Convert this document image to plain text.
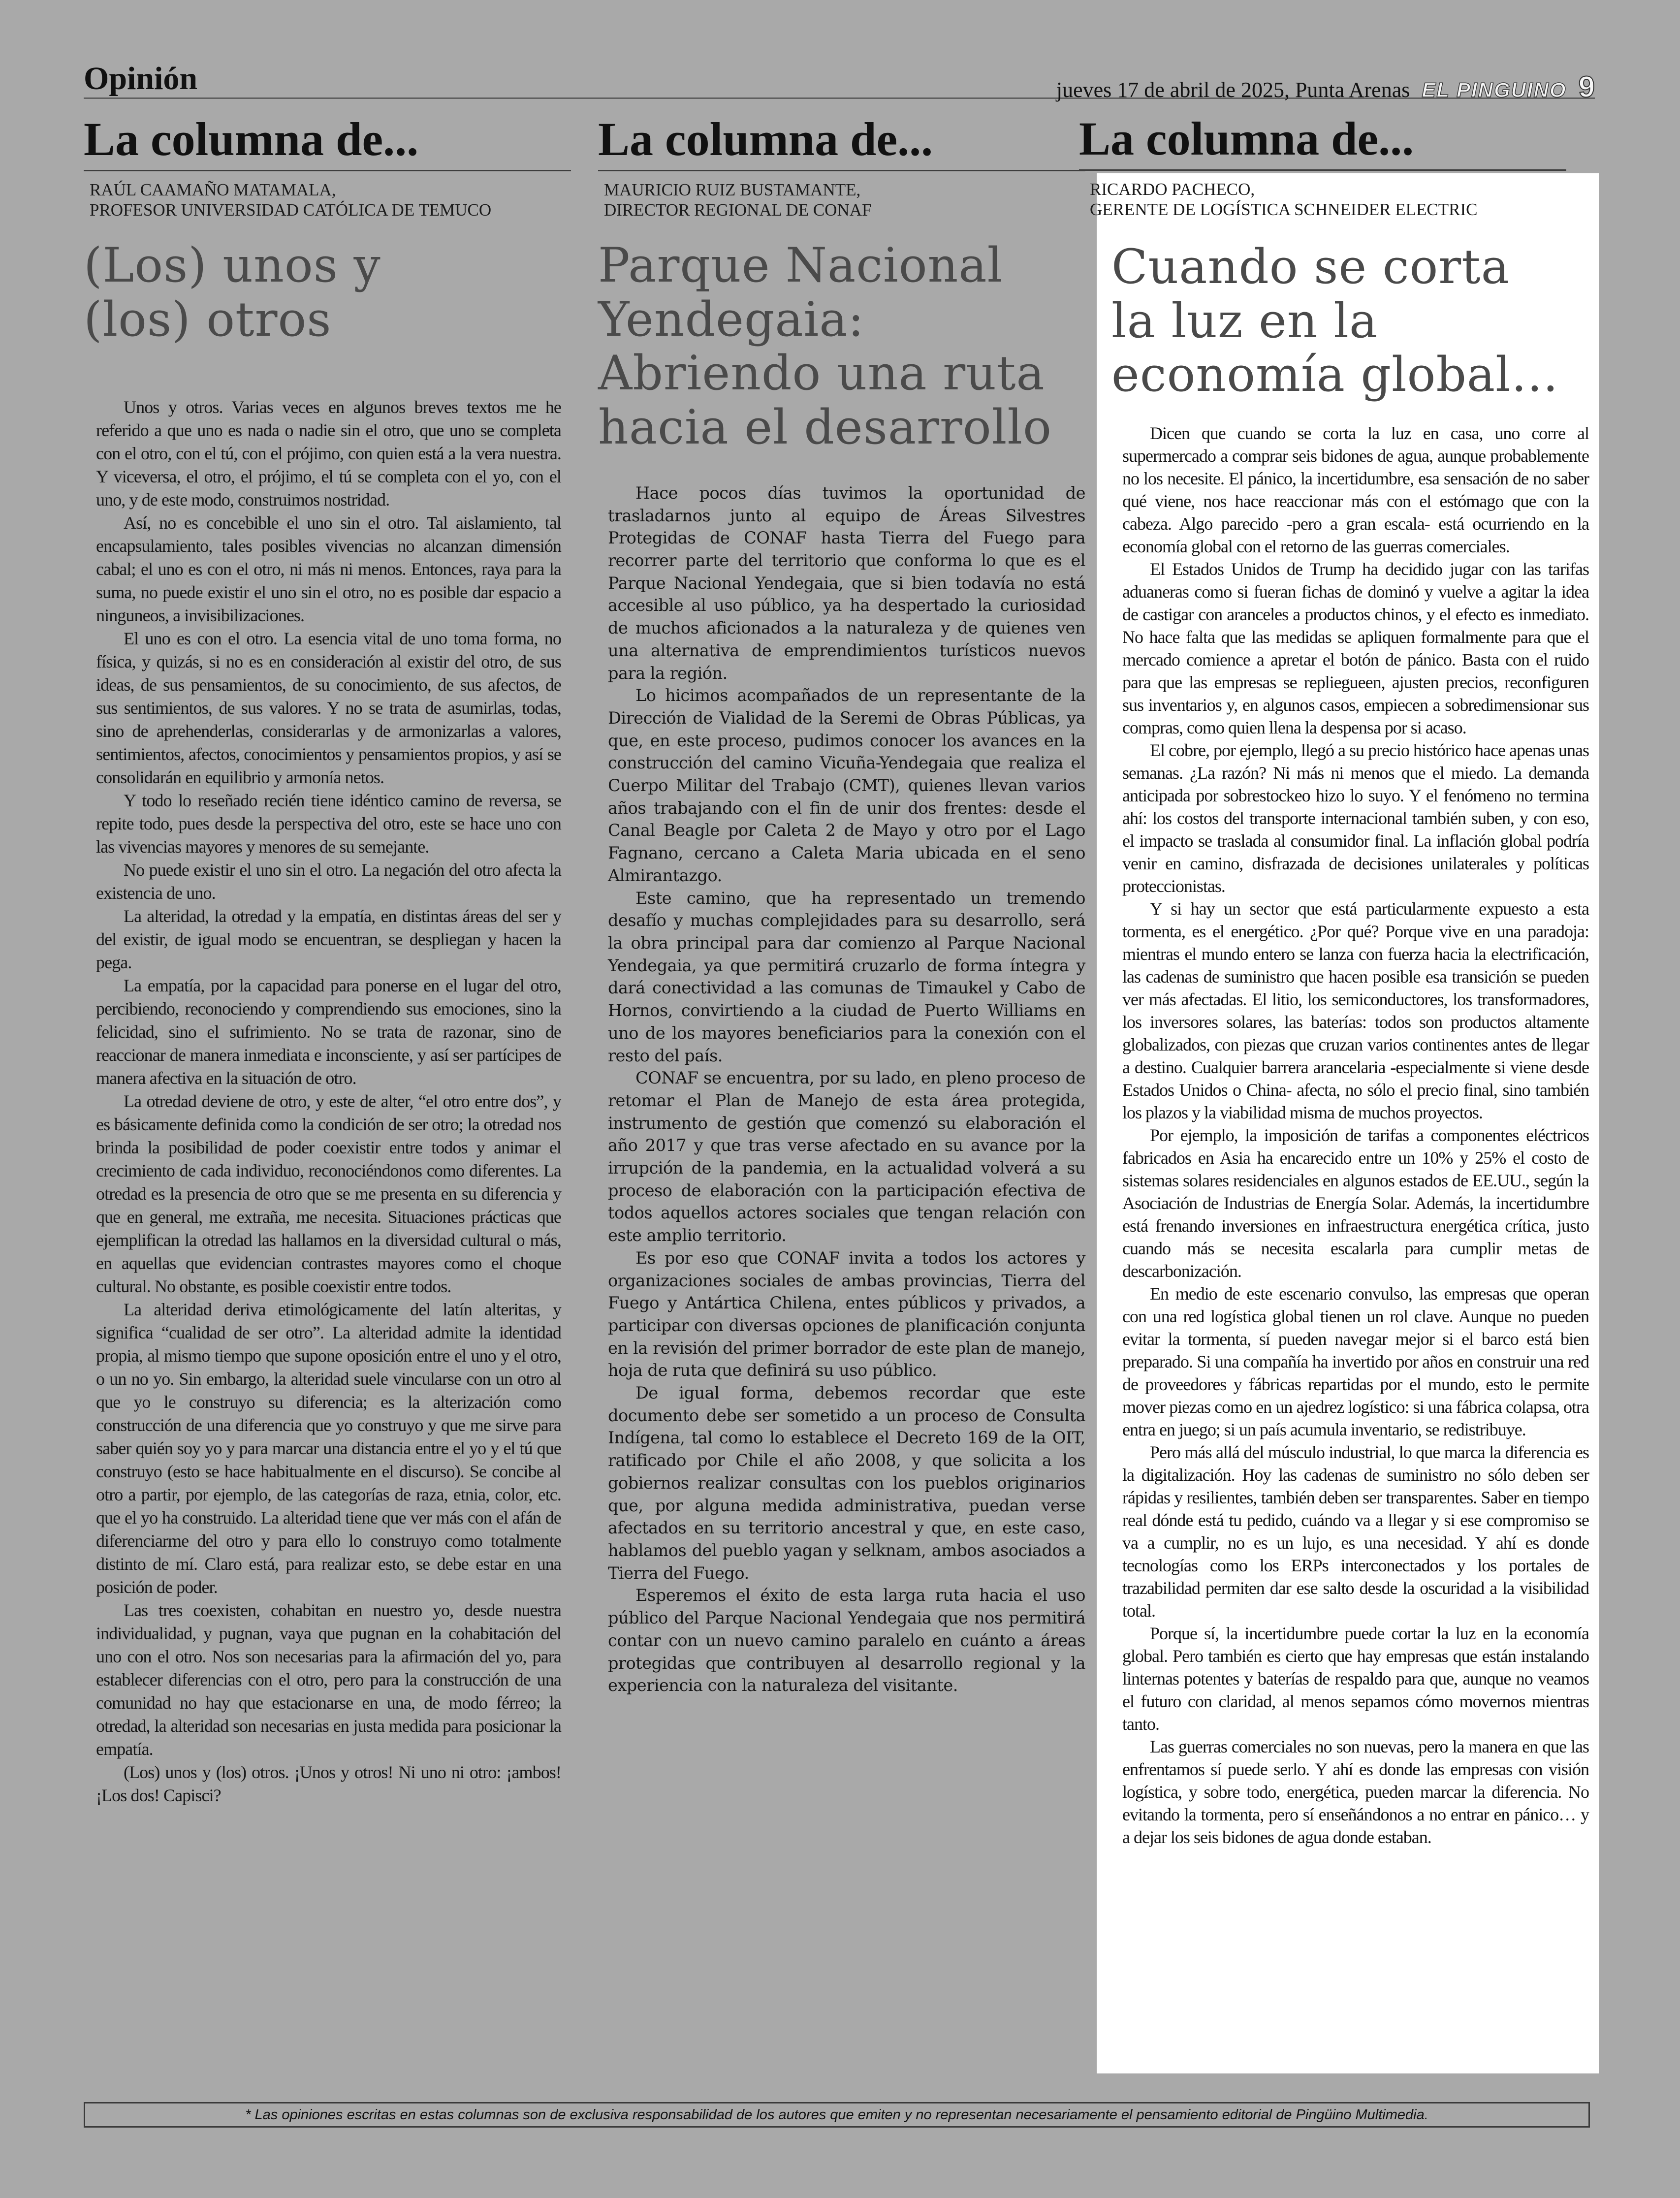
Opinión	jueves 17 de abril de 2025, Punta Arenas EL PINGUINO 9
La columna de...
RAÚL CAAMAÑO MATAMALA,
PROFESOR UNIVERSIDAD CATÓLICA DE TEMUCO
(Los) unos y
(los) otros

Unos y otros. Varias veces en algunos breves textos me he referido a que uno es nada o nadie sin el otro, que uno se completa con el otro, con el tú, con el prójimo, con quien está a la vera nuestra. Y viceversa, el otro, el prójimo, el tú se completa con el yo, con el uno, y de este modo, construimos nostridad.

Así, no es concebible el uno sin el otro. Tal aislamiento, tal encapsulamiento, tales posibles vivencias no alcanzan dimensión cabal; el uno es con el otro, ni más ni menos. Entonces, raya para la suma, no puede existir el uno sin el otro, no es posible dar espacio a ninguneos, a invisibilizaciones.

El uno es con el otro. La esencia vital de uno toma forma, no física, y quizás, si no es en consideración al existir del otro, de sus ideas, de sus pensamientos, de su conocimiento, de sus afectos, de sus sentimientos, de sus valores. Y no se trata de asumirlas, todas, sino de aprehenderlas, considerarlas y de armonizarlas a valores, sentimientos, afectos, conocimientos y pensamientos propios, y así se consolidarán en equilibrio y armonía netos.

Y todo lo reseñado recién tiene idéntico camino de reversa, se repite todo, pues desde la perspectiva del otro, este se hace uno con las vivencias mayores y menores de su semejante.

No puede existir el uno sin el otro. La negación del otro afecta la existencia de uno.

La alteridad, la otredad y la empatía, en distintas áreas del ser y del existir, de igual modo se encuentran, se despliegan y hacen la pega.

La empatía, por la capacidad para ponerse en el lugar del otro, percibiendo, reconociendo y comprendiendo sus emociones, sino la felicidad, sino el sufrimiento. No se trata de razonar, sino de reaccionar de manera inmediata e inconsciente, y así ser partícipes de manera afectiva en la situación de otro.

La otredad deviene de otro, y este de alter, “el otro entre dos”, y es básicamente definida como la condición de ser otro; la otredad nos brinda la posibilidad de poder coexistir entre todos y animar el crecimiento de cada individuo, reconociéndonos como diferentes. La otredad es la presencia de otro que se me presenta en su diferencia y que en general, me extraña, me necesita. Situaciones prácticas que ejemplifican la otredad las hallamos en la diversidad cultural o más, en aquellas que evidencian contrastes mayores como el choque cultural. No obstante, es posible coexistir entre todos.

La alteridad deriva etimológicamente del latín alteritas, y significa “cualidad de ser otro”. La alteridad admite la identidad propia, al mismo tiempo que supone oposición entre el uno y el otro, o un no yo. Sin embargo, la alteridad suele vincularse con un otro al que yo le construyo su diferencia; es la alterización como construcción de una diferencia que yo construyo y que me sirve para saber quién soy yo y para marcar una distancia entre el yo y el tú que construyo (esto se hace habitualmente en el discurso). Se concibe al otro a partir, por ejemplo, de las categorías de raza, etnia, color, etc. que el yo ha construido. La alteridad tiene que ver más con el afán de diferenciarme del otro y para ello lo construyo como totalmente distinto de mí. Claro está, para realizar esto, se debe estar en una posición de poder.

Las tres coexisten, cohabitan en nuestro yo, desde nuestra individualidad, y pugnan, vaya que pugnan en la cohabitación del uno con el otro. Nos son necesarias para la afirmación del yo, para establecer diferencias con el otro, pero para la construcción de una comunidad no hay que estacionarse en una, de modo férreo; la otredad, la alteridad son necesarias en justa medida para posicionar la empatía.

(Los) unos y (los) otros. ¡Unos y otros! Ni uno ni otro: ¡ambos! ¡Los dos! Capisci?

La columna de...
MAURICIO RUIZ BUSTAMANTE,
DIRECTOR REGIONAL DE CONAF
Parque Nacional
Yendegaia:
Abriendo una ruta
hacia el desarrollo

Hace pocos días tuvimos la oportunidad de trasladarnos junto al equipo de Áreas Silvestres Protegidas de CONAF hasta Tierra del Fuego para recorrer parte del territorio que conforma lo que es el Parque Nacional Yendegaia, que si bien todavía no está accesible al uso público, ya ha despertado la curiosidad de muchos aficionados a la naturaleza y de quienes ven una alternativa de emprendimientos turísticos nuevos para la región.

Lo hicimos acompañados de un representante de la Dirección de Vialidad de la Seremi de Obras Públicas, ya que, en este proceso, pudimos conocer los avances en la construcción del camino Vicuña-Yendegaia que realiza el Cuerpo Militar del Trabajo (CMT), quienes llevan varios años trabajando con el fin de unir dos frentes: desde el Canal Beagle por Caleta 2 de Mayo y otro por el Lago Fagnano, cercano a Caleta Maria ubicada en el seno Almirantazgo.

Este camino, que ha representado un tremendo desafío y muchas complejidades para su desarrollo, será la obra principal para dar comienzo al Parque Nacional Yendegaia, ya que permitirá cruzarlo de forma íntegra y dará conectividad a las comunas de Timaukel y Cabo de Hornos, convirtiendo a la ciudad de Puerto Williams en uno de los mayores beneficiarios para la conexión con el resto del país.

CONAF se encuentra, por su lado, en pleno proceso de retomar el Plan de Manejo de esta área protegida, instrumento de gestión que comenzó su elaboración el año 2017 y que tras verse afectado en su avance por la irrupción de la pandemia, en la actualidad volverá a su proceso de elaboración con la participación efectiva de todos aquellos actores sociales que tengan relación con este amplio territorio.

Es por eso que CONAF invita a todos los actores y organizaciones sociales de ambas provincias, Tierra del Fuego y Antártica Chilena, entes públicos y privados, a participar con diversas opciones de planificación conjunta en la revisión del primer borrador de este plan de manejo, hoja de ruta que definirá su uso público.

De igual forma, debemos recordar que este documento debe ser sometido a un proceso de Consulta Indígena, tal como lo establece el Decreto 169 de la OIT, ratificado por Chile el año 2008, y que solicita a los gobiernos realizar consultas con los pueblos originarios que, por alguna medida administrativa, puedan verse afectados en su territorio ancestral y que, en este caso, hablamos del pueblo yagan y selknam, ambos asociados a Tierra del Fuego.

Esperemos el éxito de esta larga ruta hacia el uso público del Parque Nacional Yendegaia que nos permitirá contar con un nuevo camino paralelo en cuánto a áreas protegidas que contribuyen al desarrollo regional y la experiencia con la naturaleza del visitante.

La columna de...
RICARDO PACHECO,
GERENTE DE LOGÍSTICA SCHNEIDER ELECTRIC
Cuando se corta
la luz en la
economía global…

Dicen que cuando se corta la luz en casa, uno corre al supermercado a comprar seis bidones de agua, aunque probablemente no los necesite. El pánico, la incertidumbre, esa sensación de no saber qué viene, nos hace reaccionar más con el estómago que con la cabeza. Algo parecido -pero a gran escala- está ocurriendo en la economía global con el retorno de las guerras comerciales.

El Estados Unidos de Trump ha decidido jugar con las tarifas aduaneras como si fueran fichas de dominó y vuelve a agitar la idea de castigar con aranceles a productos chinos, y el efecto es inmediato. No hace falta que las medidas se apliquen formalmente para que el mercado comience a apretar el botón de pánico. Basta con el ruido para que las empresas se repliegueen, ajusten precios, reconfiguren sus inventarios y, en algunos casos, empiecen a sobredimensionar sus compras, como quien llena la despensa por si acaso.

El cobre, por ejemplo, llegó a su precio histórico hace apenas unas semanas. ¿La razón? Ni más ni menos que el miedo. La demanda anticipada por sobrestockeo hizo lo suyo. Y el fenómeno no termina ahí: los costos del transporte internacional también suben, y con eso, el impacto se traslada al consumidor final. La inflación global podría venir en camino, disfrazada de decisiones unilaterales y políticas proteccionistas.

Y si hay un sector que está particularmente expuesto a esta tormenta, es el energético. ¿Por qué? Porque vive en una paradoja: mientras el mundo entero se lanza con fuerza hacia la electrificación, las cadenas de suministro que hacen posible esa transición se pueden ver más afectadas. El litio, los semiconductores, los transformadores, los inversores solares, las baterías: todos son productos altamente globalizados, con piezas que cruzan varios continentes antes de llegar a destino. Cualquier barrera arancelaria -especialmente si viene desde Estados Unidos o China- afecta, no sólo el precio final, sino también los plazos y la viabilidad misma de muchos proyectos.

Por ejemplo, la imposición de tarifas a componentes eléctricos fabricados en Asia ha encarecido entre un 10% y 25% el costo de sistemas solares residenciales en algunos estados de EE.UU., según la Asociación de Industrias de Energía Solar. Además, la incertidumbre está frenando inversiones en infraestructura energética crítica, justo cuando más se necesita escalarla para cumplir metas de descarbonización.

En medio de este escenario convulso, las empresas que operan con una red logística global tienen un rol clave. Aunque no pueden evitar la tormenta, sí pueden navegar mejor si el barco está bien preparado. Si una compañía ha invertido por años en construir una red de proveedores y fábricas repartidas por el mundo, esto le permite mover piezas como en un ajedrez logístico: si una fábrica colapsa, otra entra en juego; si un país acumula inventario, se redistribuye.

Pero más allá del músculo industrial, lo que marca la diferencia es la digitalización. Hoy las cadenas de suministro no sólo deben ser rápidas y resilientes, también deben ser transparentes. Saber en tiempo real dónde está tu pedido, cuándo va a llegar y si ese compromiso se va a cumplir, no es un lujo, es una necesidad. Y ahí es donde tecnologías como los ERPs interconectados y los portales de trazabilidad permiten dar ese salto desde la oscuridad a la visibilidad total.

Porque sí, la incertidumbre puede cortar la luz en la economía global. Pero también es cierto que hay empresas que están instalando linternas potentes y baterías de respaldo para que, aunque no veamos el futuro con claridad, al menos sepamos cómo movernos mientras tanto.

Las guerras comerciales no son nuevas, pero la manera en que las enfrentamos sí puede serlo. Y ahí es donde las empresas con visión logística, y sobre todo, energética, pueden marcar la diferencia. No evitando la tormenta, pero sí enseñándonos a no entrar en pánico… y a dejar los seis bidones de agua donde estaban.

* Las opiniones escritas en estas columnas son de exclusiva responsabilidad de los autores que emiten y no representan necesariamente el pensamiento editorial de Pingüino Multimedia.
